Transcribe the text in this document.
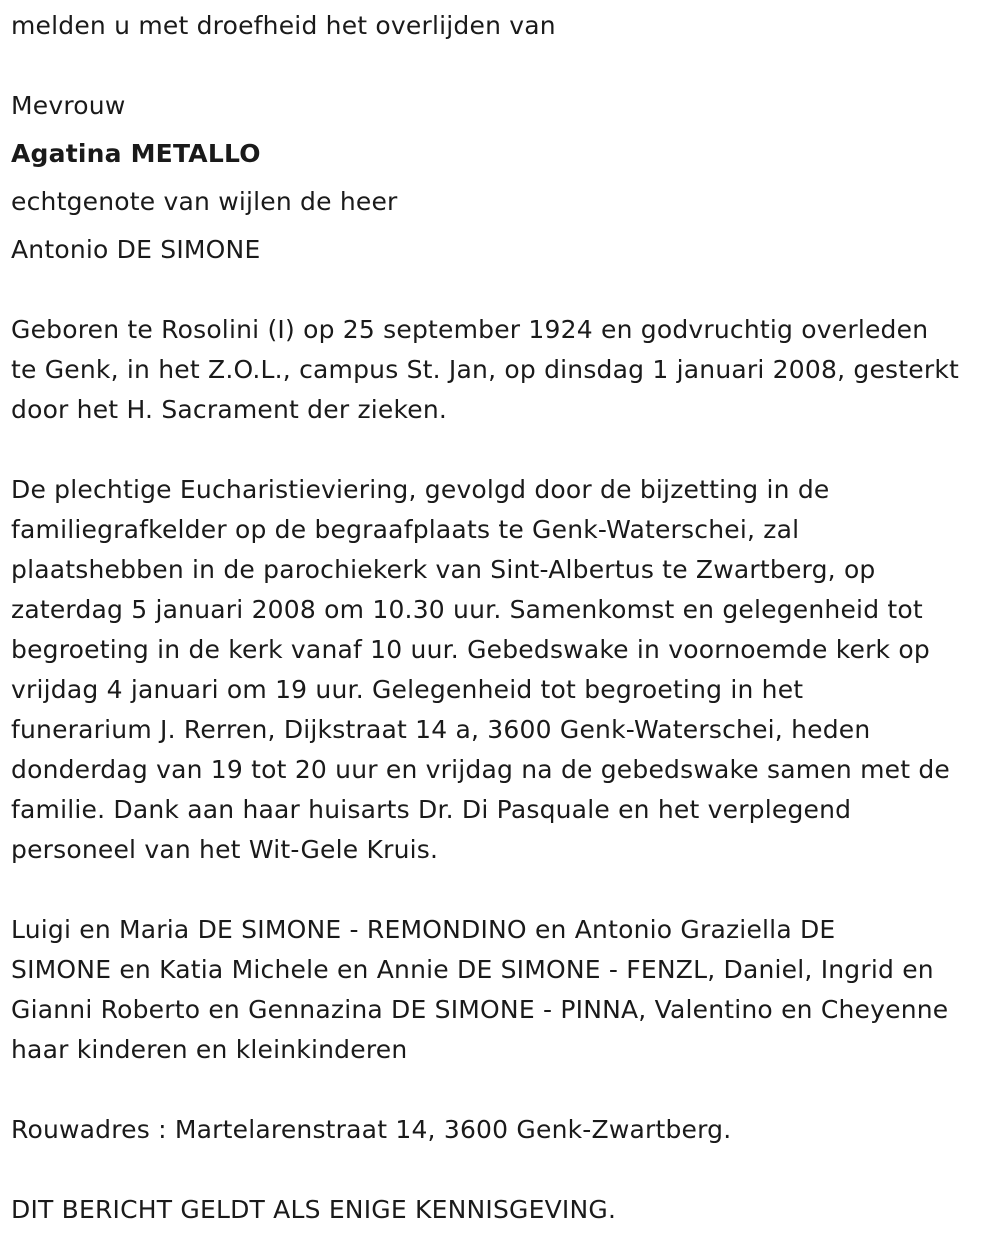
melden u met droefheid het overlijden van
Mevrouw
Agatina METALLO
echtgenote van wijlen de heer
Antonio DE SIMONE
Geboren te Rosolini (I) op 25 september 1924 en godvruchtig overleden
te Genk, in het Z.O.L., campus St. Jan, op dinsdag 1 januari 2008, gesterkt
door het H. Sacrament der zieken.
De plechtige Eucharistieviering, gevolgd door de bijzetting in de
familiegrafkelder op de begraafplaats te Genk-Waterschei, zal
plaatshebben in de parochiekerk van Sint-Albertus te Zwartberg, op
zaterdag 5 januari 2008 om 10.30 uur. Samenkomst en gelegenheid tot
begroeting in de kerk vanaf 10 uur. Gebedswake in voornoemde kerk op
vrijdag 4 januari om 19 uur. Gelegenheid tot begroeting in het
funerarium J. Rerren, Dijkstraat 14 a, 3600 Genk-Waterschei, heden
donderdag van 19 tot 20 uur en vrijdag na de gebedswake samen met de
familie. Dank aan haar huisarts Dr. Di Pasquale en het verplegend
personeel van het Wit-Gele Kruis.
Luigi en Maria DE SIMONE - REMONDINO en Antonio Graziella DE
SIMONE en Katia Michele en Annie DE SIMONE - FENZL, Daniel, Ingrid en
Gianni Roberto en Gennazina DE SIMONE - PINNA, Valentino en Cheyenne
haar kinderen en kleinkinderen
Rouwadres : Martelarenstraat 14, 3600 Genk-Zwartberg.
DIT BERICHT GELDT ALS ENIGE KENNISGEVING.
